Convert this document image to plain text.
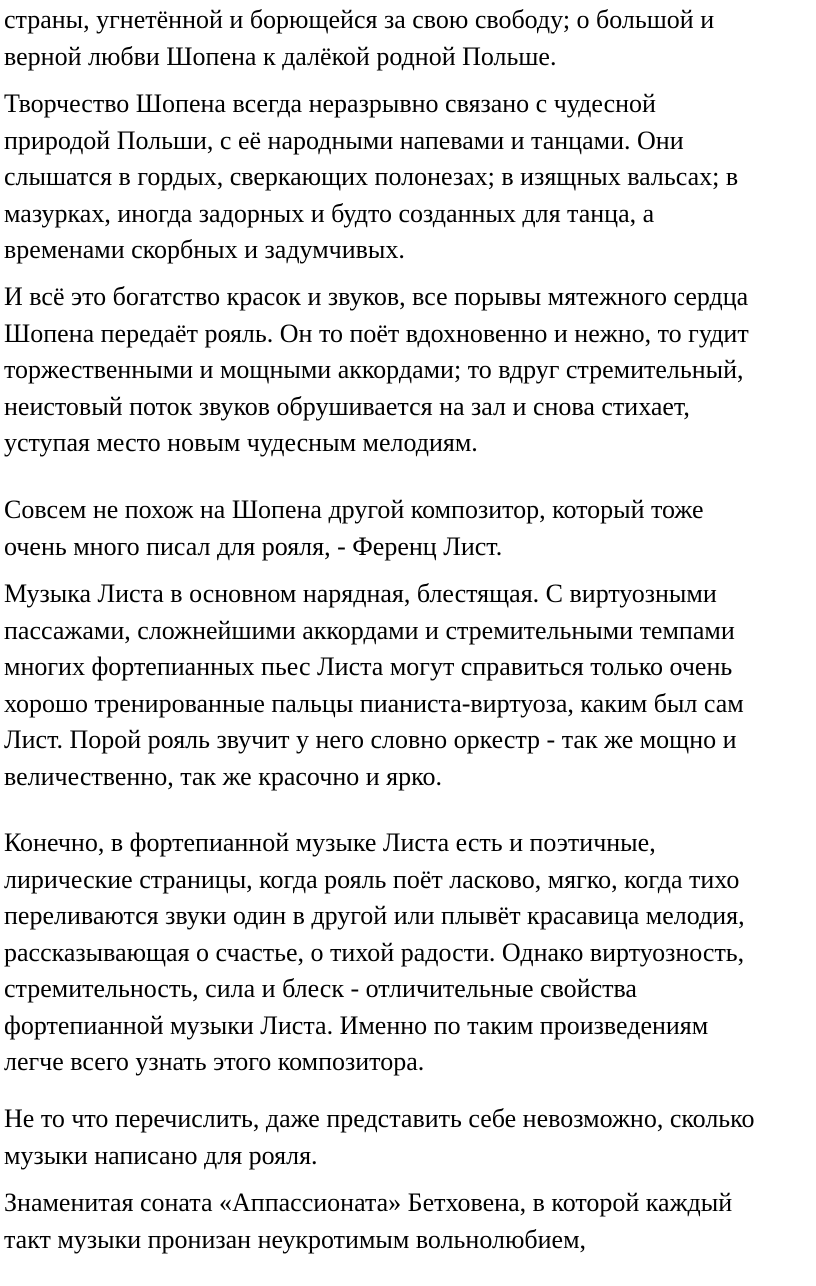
страны, угнетённой и борющейся за свою свободу; о большой и
верной любви Шопена к далёкой родной Польше.

Творчество Шопена всегда неразрывно связано с чудесной
природой Польши, с её народными напевами и танцами. Они
слышатся в гордых, сверкающих полонезах; в изящных вальсах; в
мазурках, иногда задорных и будто созданных для танца, а
временами скорбных и задумчивых.

И всё это богатство красок и звуков, все порывы мятежного сердца
Шопена передаёт рояль. Он то поёт вдохновенно и нежно, то гудит
торжественными и мощными аккордами; то вдруг стремительный,
неистовый поток звуков обрушивается на зал и снова стихает,
уступая место новым чудесным мелодиям.

Совсем не похож на Шопена другой композитор, который тоже
очень много писал для рояля, - Ференц Лист.

Музыка Листа в основном нарядная, блестящая. С виртуозными
пассажами, сложнейшими аккордами и стремительными темпами
многих фортепианных пьес Листа могут справиться только очень
хорошо тренированные пальцы пианиста-виртуоза, каким был сам
Лист. Порой рояль звучит у него словно оркестр - так же мощно и
величественно, так же красочно и ярко.

Конечно, в фортепианной музыке Листа есть и поэтичные,
лирические страницы, когда рояль поёт ласково, мягко, когда тихо
переливаются звуки один в другой или плывёт красавица мелодия,
рассказывающая о счастье, о тихой радости. Однако виртуозность,
стремительность, сила и блеск - отличительные свойства
фортепианной музыки Листа. Именно по таким произведениям
легче всего узнать этого композитора.

Не то что перечислить, даже представить себе невозможно, сколько
музыки написано для рояля.

Знаменитая соната «Аппассионата» Бетховена, в которой каждый
такт музыки пронизан неукротимым вольнолюбием,
